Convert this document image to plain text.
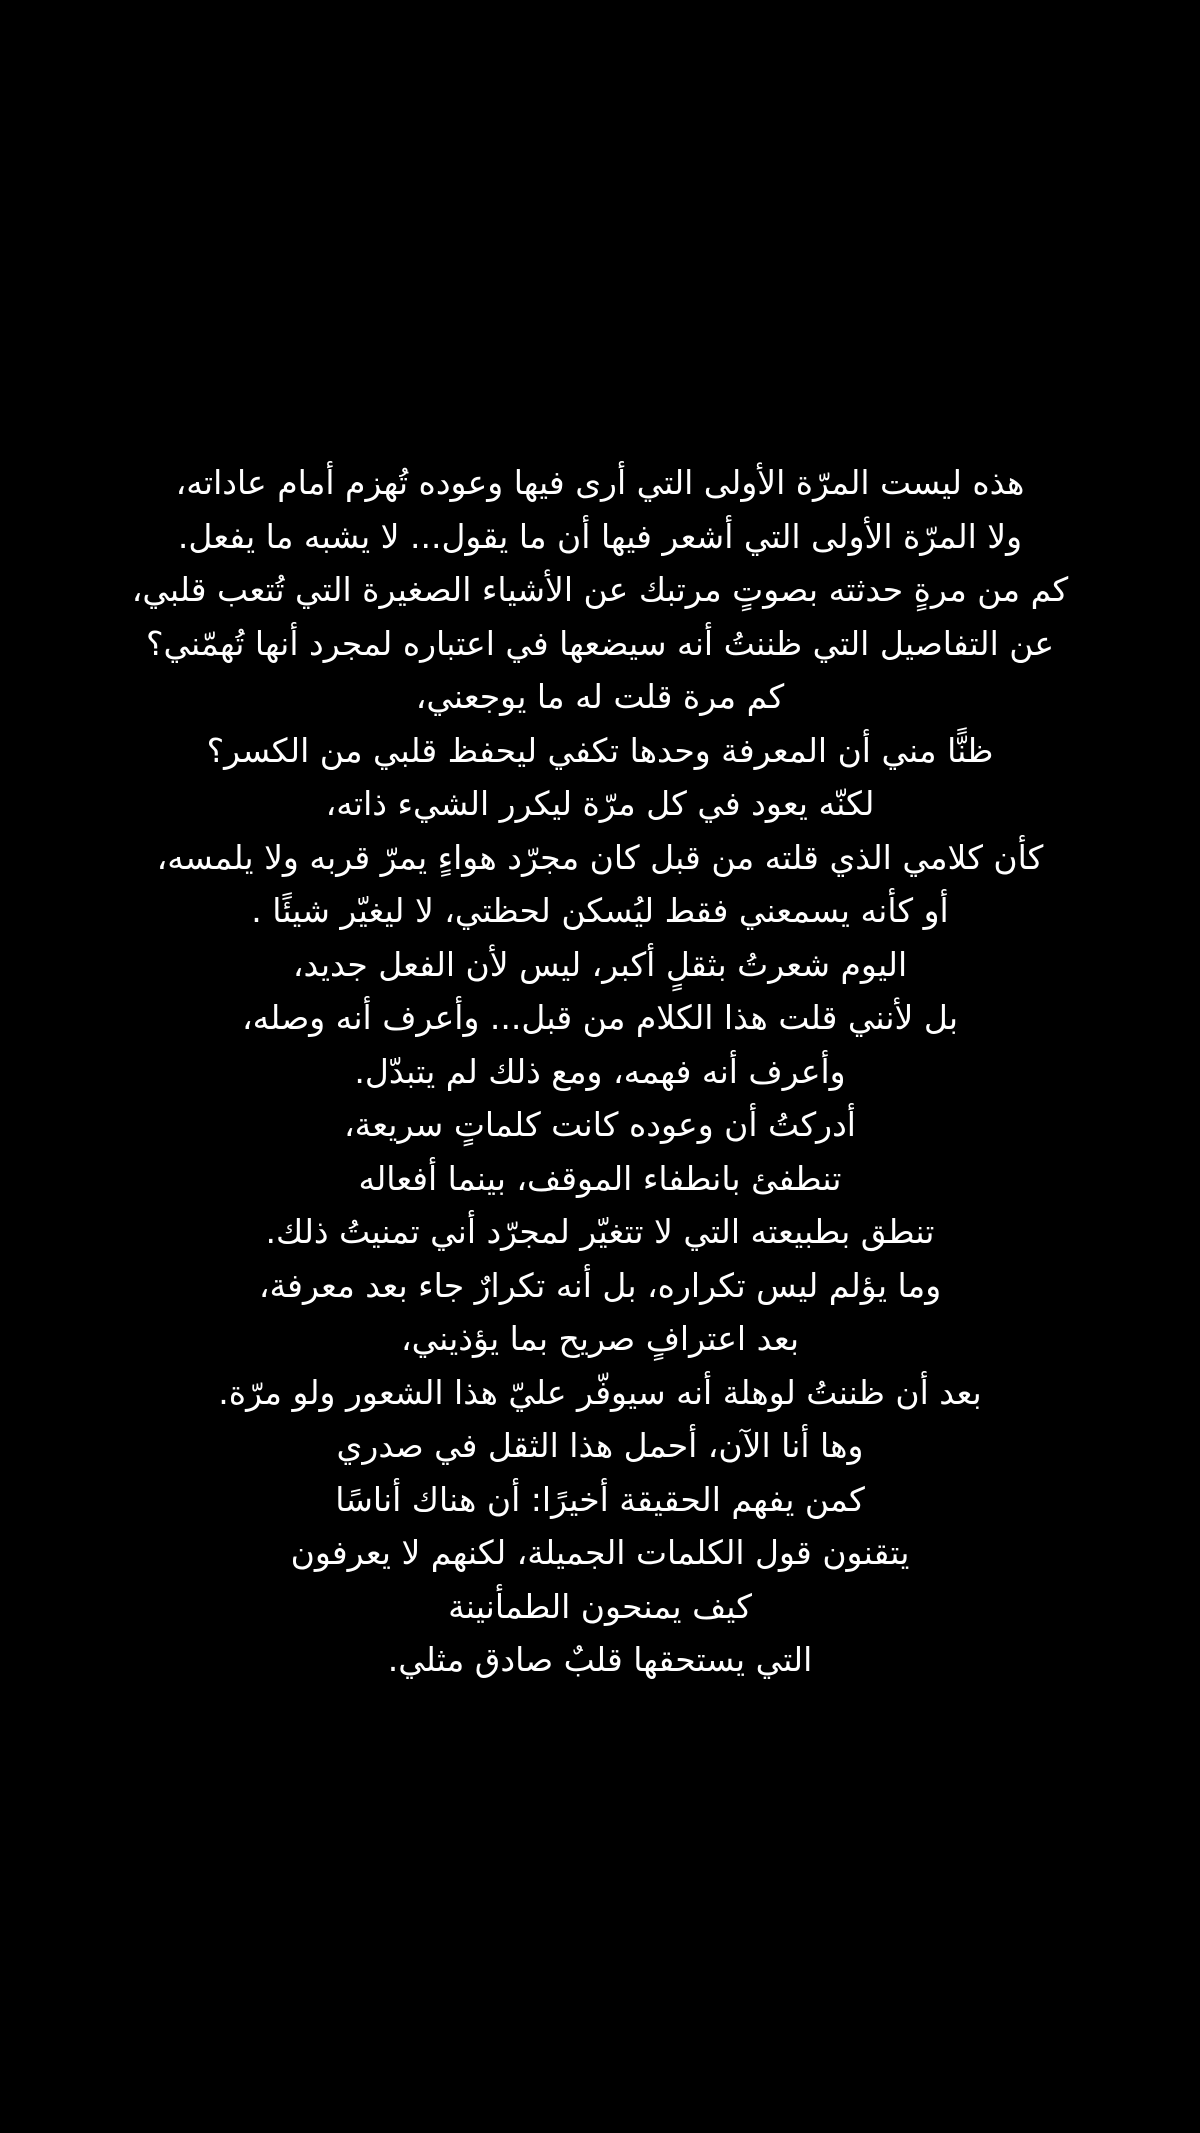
هذه ليست المرّة الأولى التي أرى فيها وعوده تُهزم أمام عاداته،
ولا المرّة الأولى التي أشعر فيها أن ما يقول... لا يشبه ما يفعل.
كم من مرةٍ حدثته بصوتٍ مرتبك عن الأشياء الصغيرة التي تُتعب قلبي،
عن التفاصيل التي ظننتُ أنه سيضعها في اعتباره لمجرد أنها تُهمّني؟
كم مرة قلت له ما يوجعني،
ظنًّا مني أن المعرفة وحدها تكفي ليحفظ قلبي من الكسر؟
لكنّه يعود في كل مرّة ليكرر الشيء ذاته،
كأن كلامي الذي قلته من قبل كان مجرّد هواءٍ يمرّ قربه ولا يلمسه،
أو كأنه يسمعني فقط ليُسكن لحظتي، لا ليغيّر شيئًا .
اليوم شعرتُ بثقلٍ أكبر، ليس لأن الفعل جديد،
بل لأنني قلت هذا الكلام من قبل... وأعرف أنه وصله،
وأعرف أنه فهمه، ومع ذلك لم يتبدّل.
أدركتُ أن وعوده كانت كلماتٍ سريعة،
تنطفئ بانطفاء الموقف، بينما أفعاله
تنطق بطبيعته التي لا تتغيّر لمجرّد أني تمنيتُ ذلك.
وما يؤلم ليس تكراره، بل أنه تكرارٌ جاء بعد معرفة،
بعد اعترافٍ صريح بما يؤذيني،
بعد أن ظننتُ لوهلة أنه سيوفّر عليّ هذا الشعور ولو مرّة.
وها أنا الآن، أحمل هذا الثقل في صدري
كمن يفهم الحقيقة أخيرًا: أن هناك أناسًا
يتقنون قول الكلمات الجميلة، لكنهم لا يعرفون
كيف يمنحون الطمأنينة
التي يستحقها قلبٌ صادق مثلي.
